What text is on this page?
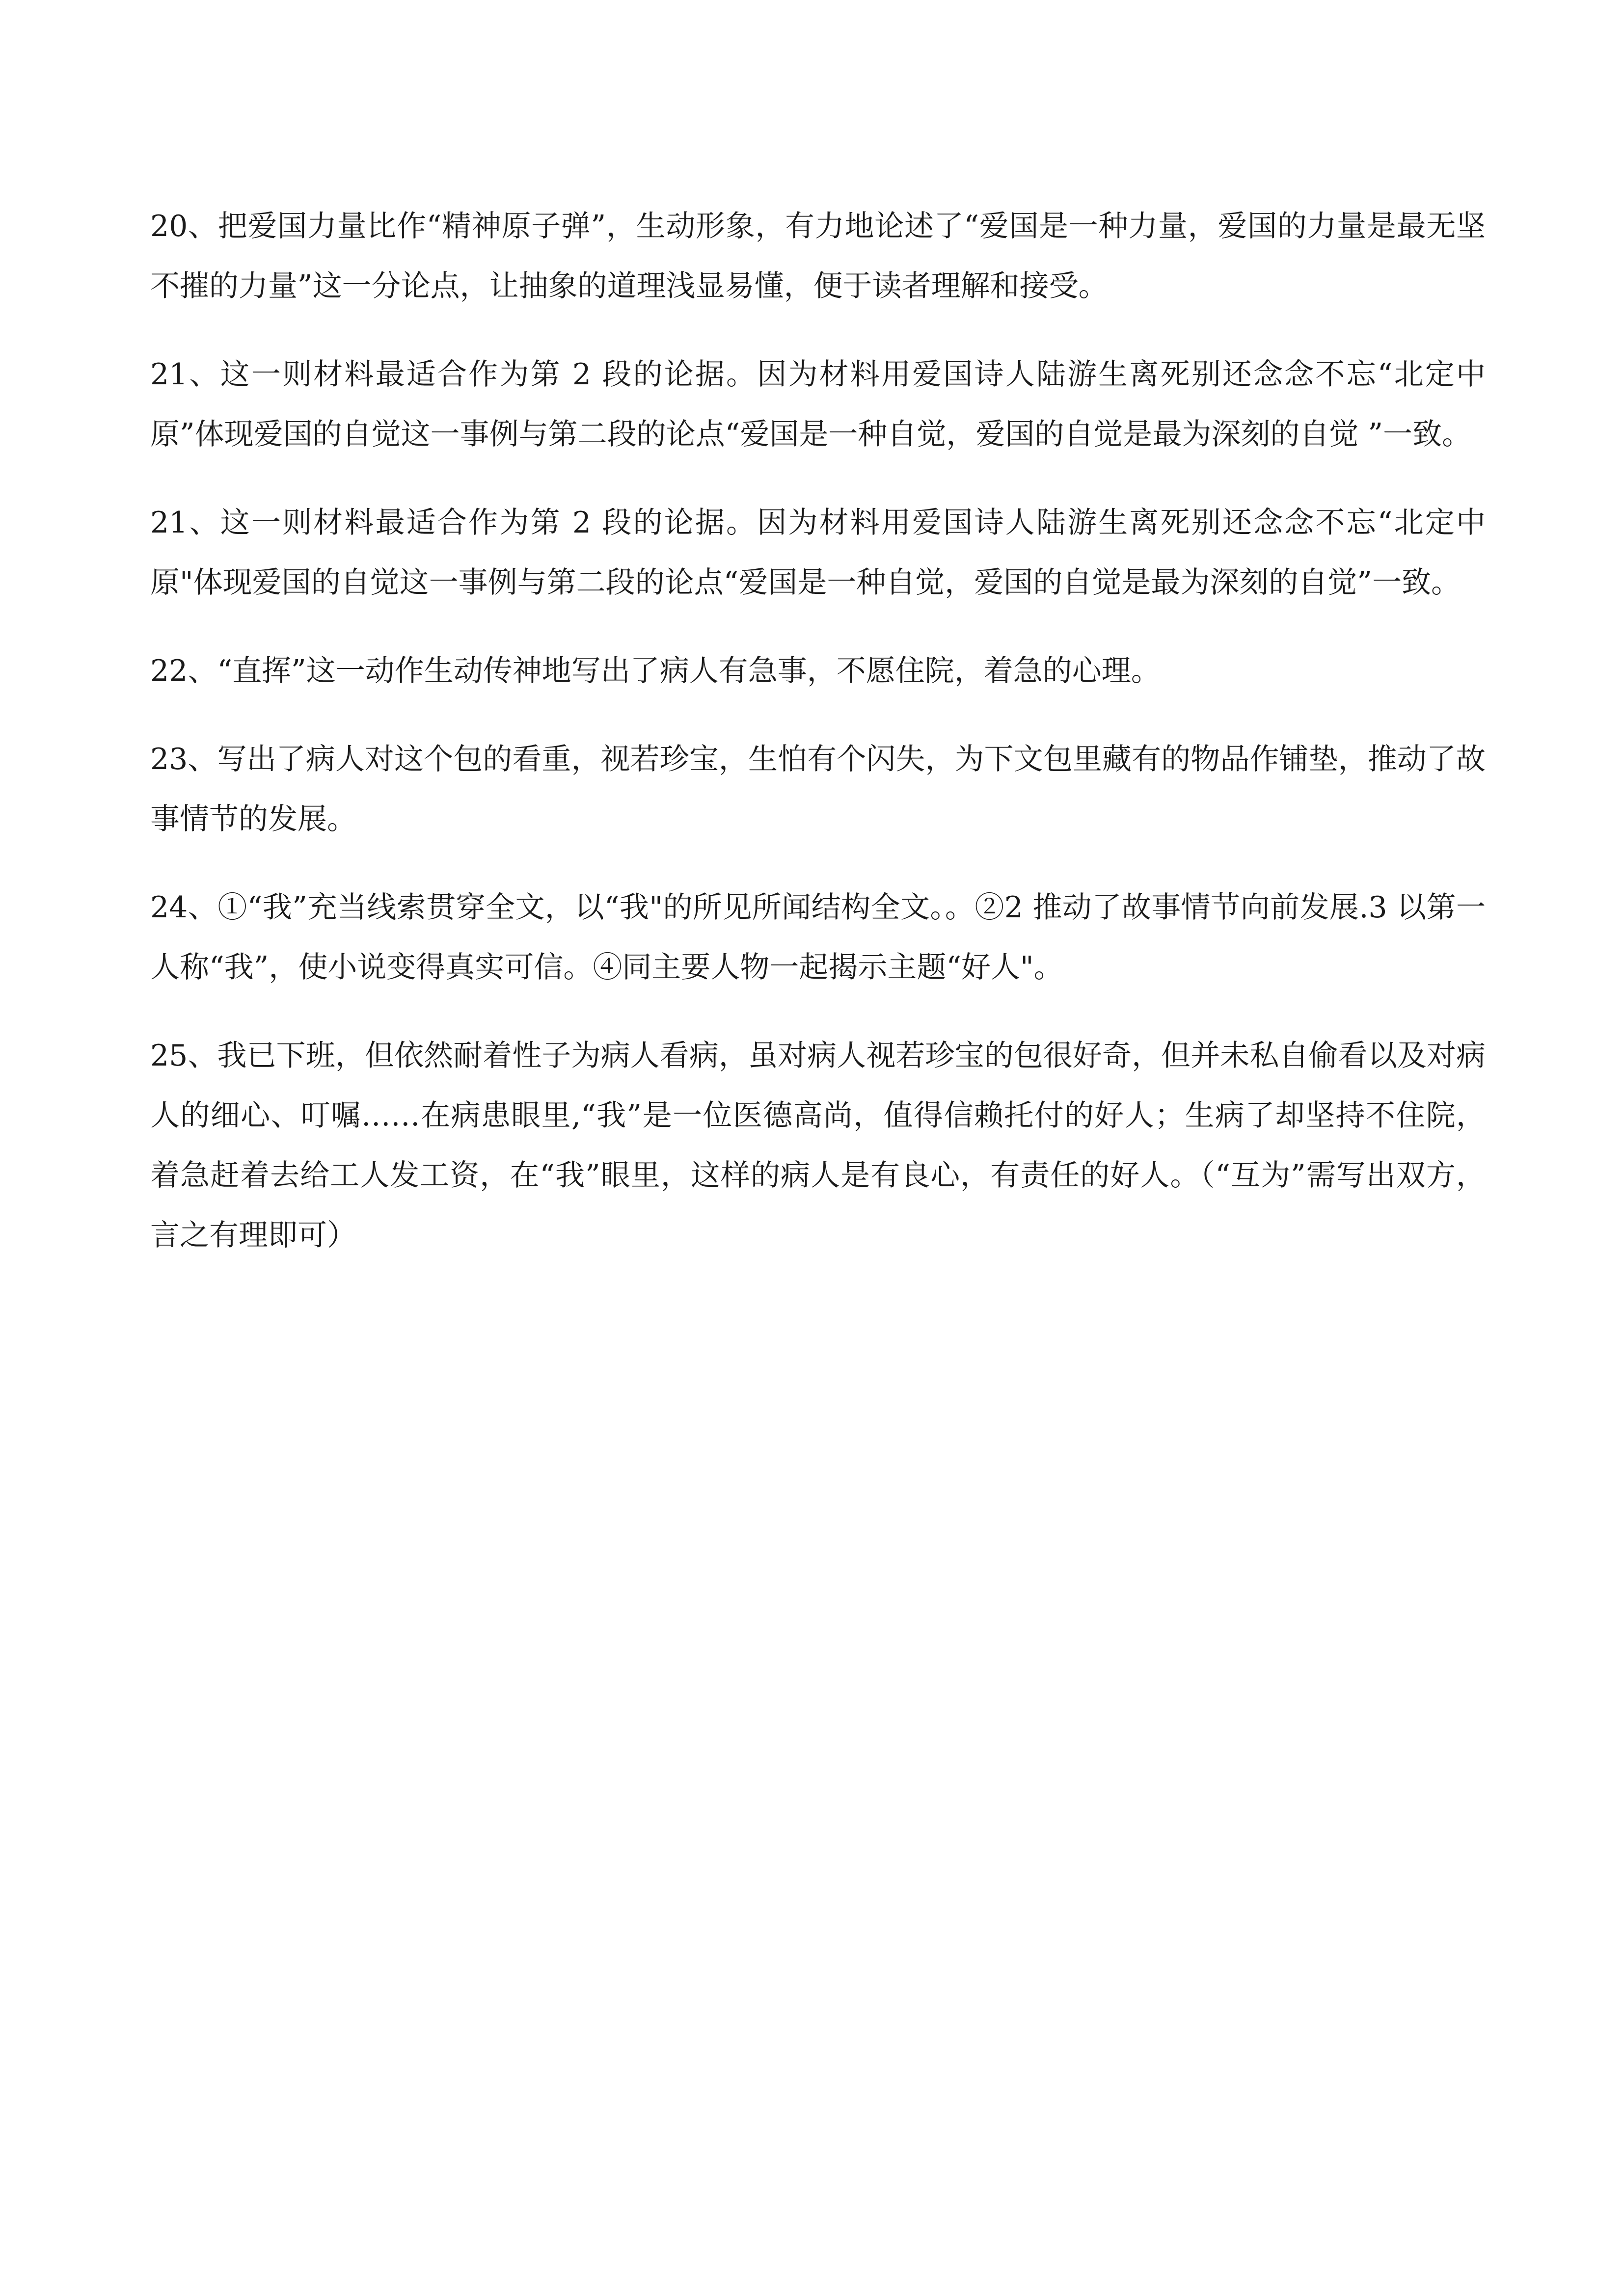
20、把爱国力量比作“精神原子弹”，生动形象，有力地论述了“爱国是一种力量，爱国的力量是最无坚不摧的力量”这一分论点，让抽象的道理浅显易懂，便于读者理解和接受。

21、这一则材料最适合作为第 2 段的论据。因为材料用爱国诗人陆游生离死别还念念不忘“北定中原”体现爱国的自觉这一事例与第二段的论点“爱国是一种自觉，爱国的自觉是最为深刻的自觉 ”一致。

21、这一则材料最适合作为第 2 段的论据。因为材料用爱国诗人陆游生离死别还念念不忘“北定中原"体现爱国的自觉这一事例与第二段的论点“爱国是一种自觉，爱国的自觉是最为深刻的自觉”一致。

22、“直挥”这一动作生动传神地写出了病人有急事，不愿住院，着急的心理。

23、写出了病人对这个包的看重，视若珍宝，生怕有个闪失，为下文包里藏有的物品作铺垫，推动了故事情节的发展。

24、①“我”充当线索贯穿全文，以“我"的所见所闻结构全文。。②2 推动了故事情节向前发展.3 以第一人称“我”，使小说变得真实可信。④同主要人物一起揭示主题“好人"。

25、我已下班，但依然耐着性子为病人看病，虽对病人视若珍宝的包很好奇，但并未私自偷看以及对病人的细心、叮嘱……在病患眼里,“我”是一位医德高尚，值得信赖托付的好人；生病了却坚持不住院，着急赶着去给工人发工资，在“我”眼里，这样的病人是有良心，有责任的好人。（“互为”需写出双方，言之有理即可）
